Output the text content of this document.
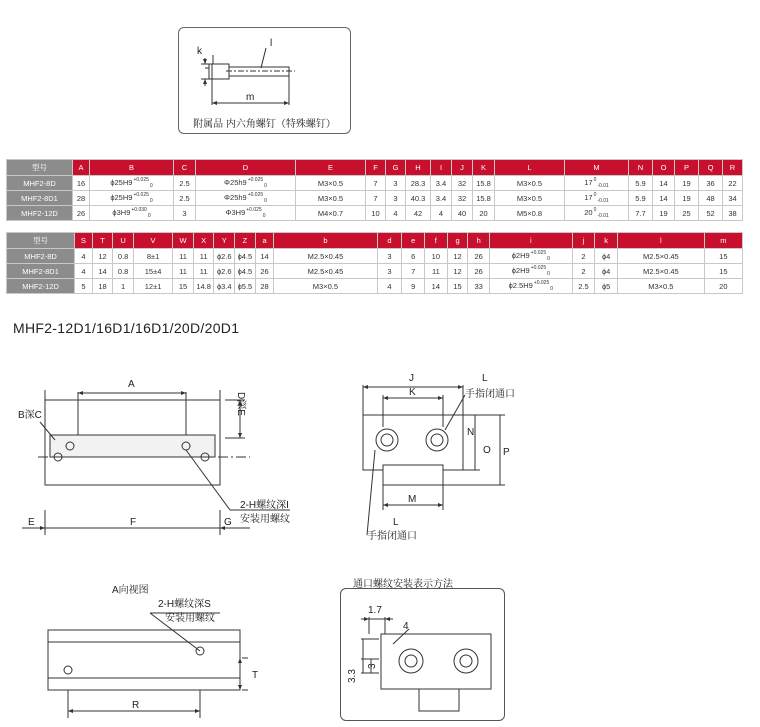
k
l
m
附属品 内六角螺钉（特殊螺钉）
型号	A	B	C	D	E	F	G	H	I	J	K	L	M	N	O	P	Q	R
MHF2-8D	16	$\phi 25H9^{+0.025}_0$	2.5	$\Phi 25h9^{+0.025}_0$	M3×0.5	7	3	28.3	3.4	32	15.8	M3×0.5	$17^0_{-0.01}$	5.9	14	19	36	22
MHF2-8D1	28	$\phi 25H9^{+0.025}_0$	2.5	$\Phi 25h9^{+0.025}_0$	M3×0.5	7	3	40.3	3.4	32	15.8	M3×0.5	$17^0_{-0.01}$	5.9	14	19	48	34
MHF2-12D	26	$\phi 3H9^{+0.030}_0$	3	$\Phi 3H9^{+0.025}_0$	M4×0.7	10	4	42	4	40	20	M5×0.8	$20^0_{-0.01}$	7.7	19	25	52	38
型号	S	T	U	V	W	X	Y	Z	a	b	d	e	f	g	h	i	j	k	l	m
MHF2-8D	4	12	0.8	8±1	11	11	ϕ2.6	ϕ4.5	14	M2.5×0.45	3	6	10	12	26	$\phi 2H9^{+0.025}_0$	2	ϕ4	M2.5×0.45	15
MHF2-8D1	4	14	0.8	15±4	11	11	ϕ2.6	ϕ4.5	26	M2.5×0.45	3	7	11	12	26	$\phi 2H9^{+0.025}_0$	2	ϕ4	M2.5×0.45	15
MHF2-12D	5	18	1	12±1	15	14.8	ϕ3.4	ϕ5.5	28	M3×0.5	4	9	14	15	33	$\phi 2.5H9^{+0.025}_0$	2.5	ϕ5	M3×0.5	20
MHF2-12D1/16D1/16D1/20D/20D1
A
B深C	D深E
E	F	G
2-H螺纹深I
安装用螺纹
J
K
L
手指闭通口
N
O P
M
L
手指闭通口
A向视图
2-H螺纹深S
安装用螺纹
R
T
通口螺纹安装表示方法
1.7
4
3.3
3
